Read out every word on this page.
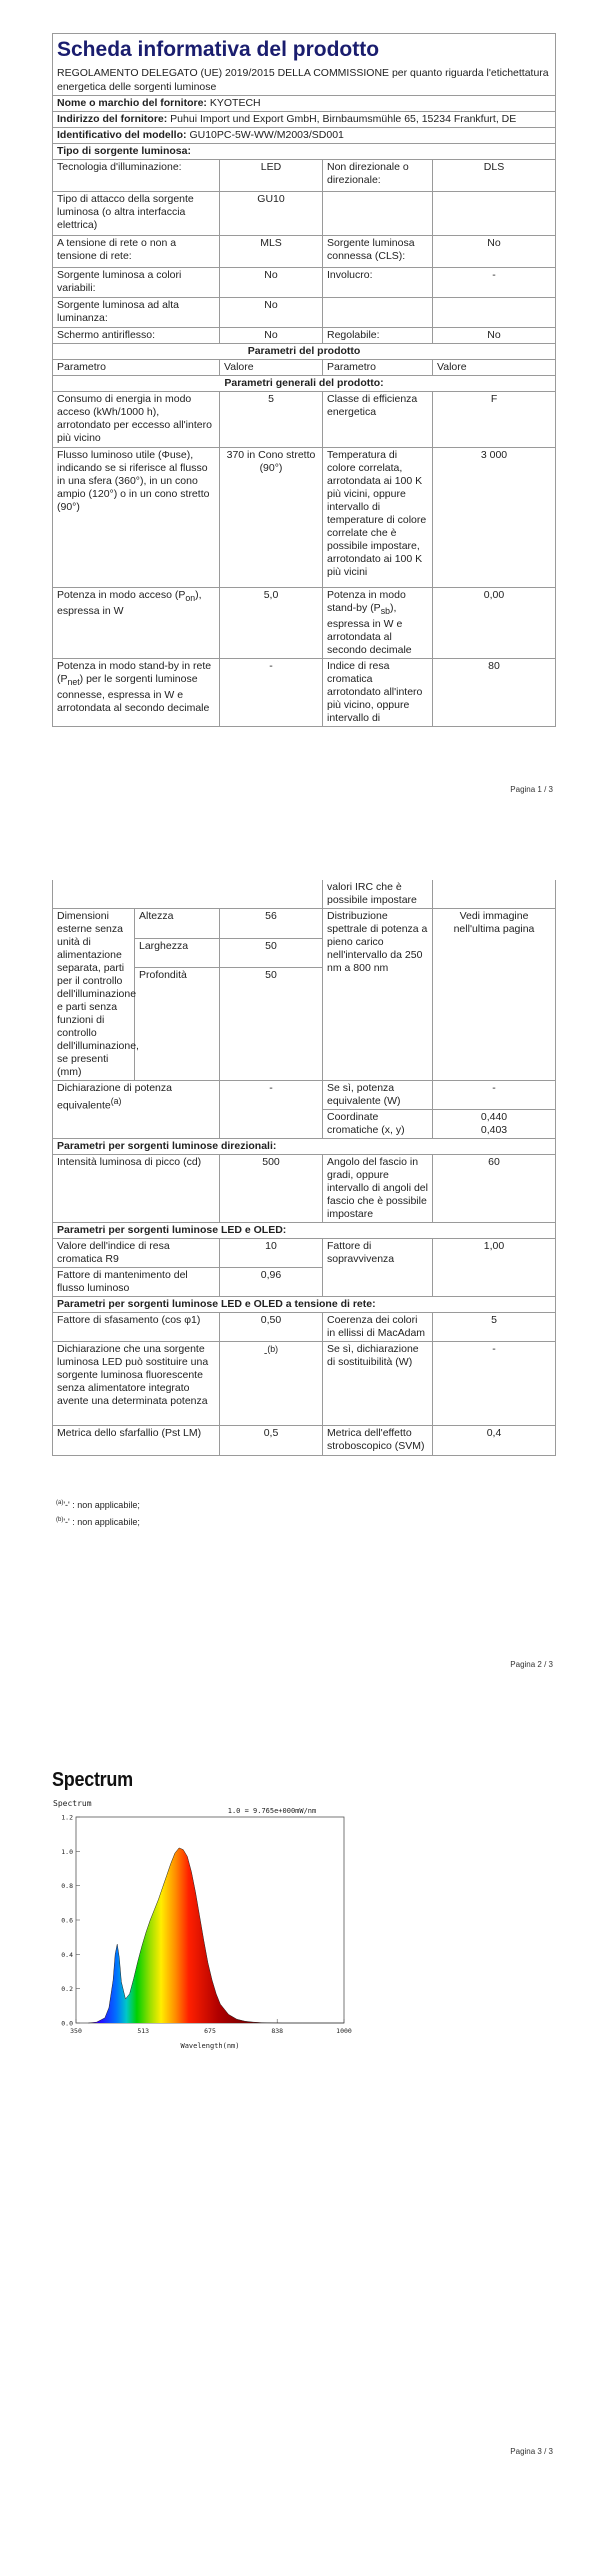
Scheda informativa del prodotto			
REGOLAMENTO DELEGATO (UE) 2019/2015 DELLA COMMISSIONE per quanto riguarda l'etichettatura energetica delle sorgenti luminose			
Nome o marchio del fornitore: KYOTECH			
Indirizzo del fornitore: Puhui Import und Export GmbH, Birnbaumsmühle 65, 15234 Frankfurt, DE			
Identificativo del modello: GU10PC-5W-WW/M2003/SD001			
Tipo di sorgente luminosa:			
Tecnologia d'illuminazione:	LED	Non direzionale o direzionale:	DLS
Tipo di attacco della sorgente luminosa (o altra interfaccia elettrica)	GU10		
A tensione di rete o non a tensione di rete:	MLS	Sorgente luminosa connessa (CLS):	No
Sorgente luminosa a colori variabili:	No	Involucro:	-
Sorgente luminosa ad alta luminanza:	No		
Schermo antiriflesso:	No	Regolabile:	No
Parametri del prodotto			
Parametro	Valore	Parametro	Valore
Parametri generali del prodotto:			
Consumo di energia in modo acceso (kWh/1000 h), arrotondato per eccesso all'intero più vicino	5	Classe di efficienza energetica	F
Flusso luminoso utile (Φuse), indicando se si riferisce al flusso in una sfera (360°), in un cono ampio (120°) o in un cono stretto (90°)	370 in Cono stretto (90°)	Temperatura di colore correlata, arrotondata ai 100 K più vicini, oppure intervallo di temperature di colore correlate che è possibile impostare, arrotondato ai 100 K più vicini	3 000
Potenza in modo acceso $(P_{on})$, espressa in W	5,0	Potenza in modo stand-by $(P_{sb})$, espressa in W e arrotondata al secondo decimale	0,00
Potenza in modo stand-by in rete $(P_{net})$ per le sorgenti luminose connesse, espressa in W e arrotondata al secondo decimale	-	Indice di resa cromatica arrotondato all'intero più vicino, oppure intervallo di	80
Pagina 1 / 3
			valori IRC che è possibile impostare	
Dimensioni esterne senza unità di alimentazione separata, parti per il controllo dell'illuminazione e parti senza funzioni di controllo dell'illuminazione, se presenti (mm)	Altezza	56	Distribuzione spettrale di potenza a pieno carico nell'intervallo da 250 nm a 800 nm	Vedi immagine nell'ultima pagina
	Larghezza	50		
	Profondità	50		
Dichiarazione di potenza equivalente$^{(a)}$		-	Se sì, potenza equivalente (W)	-
			Coordinate cromatiche (x, y)	0,440
0,403
Parametri per sorgenti luminose direzionali:				
Intensità luminosa di picco (cd)		500	Angolo del fascio in gradi, oppure intervallo di angoli del fascio che è possibile impostare	60
Parametri per sorgenti luminose LED e OLED:				
Valore dell'indice di resa cromatica R9		10	Fattore di sopravvivenza	1,00
Fattore di mantenimento del flusso luminoso		0,96		
Parametri per sorgenti luminose LED e OLED a tensione di rete:				
Fattore di sfasamento (cos φ1)		0,50	Coerenza dei colori in ellissi di MacAdam	5
Dichiarazione che una sorgente luminosa LED può sostituire una sorgente luminosa fluorescente senza alimentatore integrato avente una determinata potenza		-$^{(b)}$	Se sì, dichiarazione di sostituibilità (W)	-
Metrica dello sfarfallio (Pst LM)		0,5	Metrica dell'effetto stroboscopico (SVM)	0,4
$^{(a)}$'-' : non applicabile;
$^{(b)}$'-' : non applicabile;
Pagina 2 / 3
Spectrum
Spectrum
1.0 = 9.765e+000mW/nm
0.0
0.2
0.4
0.6
0.8
1.0
1.2
350	513	675	838	1000
Wavelength(nm)
Pagina 3 / 3
